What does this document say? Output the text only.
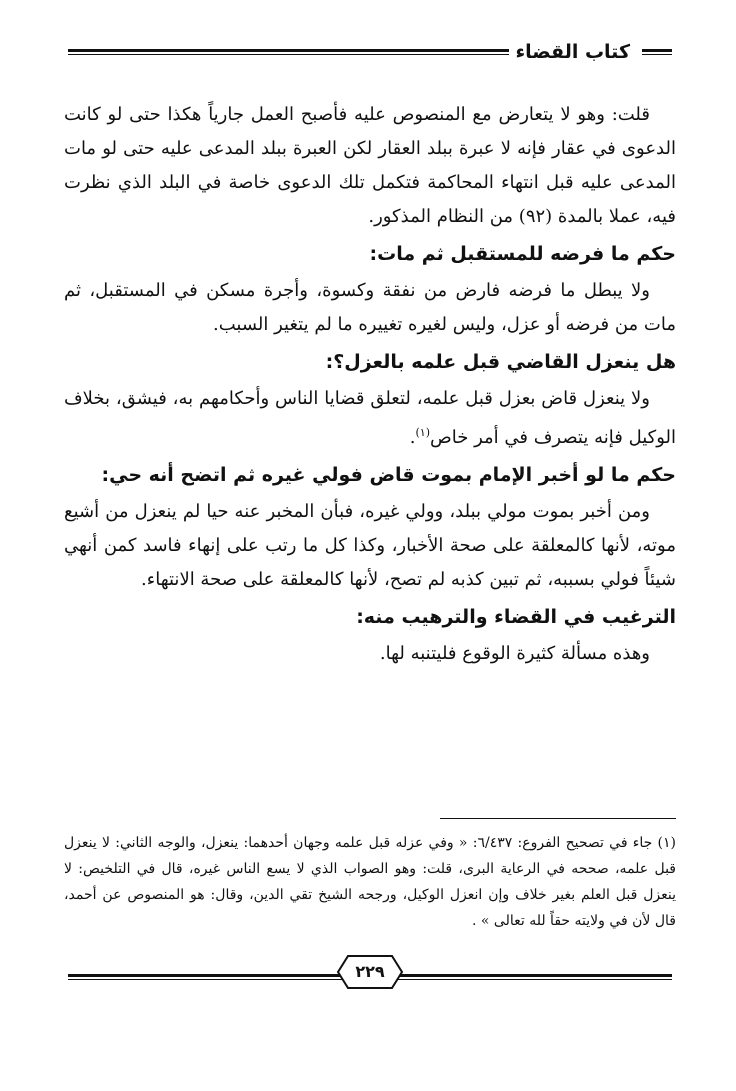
كتاب القضاء

قلت: وهو لا يتعارض مع المنصوص عليه فأصبح العمل جارياً هكذا حتى لو كانت الدعوى في عقار فإنه لا عبرة ببلد العقار لكن العبرة ببلد المدعى عليه حتى لو مات المدعى عليه قبل انتهاء المحاكمة فتكمل تلك الدعوى خاصة في البلد الذي نظرت فيه، عملا بالمدة (٩٢) من النظام المذكور.

حكم ما فرضه للمستقبل ثم مات:

ولا يبطل ما فرضه فارض من نفقة وكسوة، وأجرة مسكن في المستقبل، ثم مات من فرضه أو عزل، وليس لغيره تغييره ما لم يتغير السبب.

هل ينعزل القاضي قبل علمه بالعزل؟:

ولا ينعزل قاض بعزل قبل علمه، لتعلق قضايا الناس وأحكامهم به، فيشق، بخلاف الوكيل فإنه يتصرف في أمر خاص$^{(١)}$.

حكم ما لو أخبر الإمام بموت قاض فولي غيره ثم اتضح أنه حي:

ومن أخبر بموت مولي ببلد، وولي غيره، فبأن المخبر عنه حيا لم ينعزل من أشيع موته، لأنها كالمعلقة على صحة الأخبار، وكذا كل ما رتب على إنهاء فاسد كمن أنهي شيئاً فولي بسببه، ثم تبين كذبه لم تصح، لأنها كالمعلقة على صحة الانتهاء.

الترغيب في القضاء والترهيب منه:

وهذه مسألة كثيرة الوقوع فليتنبه لها.

(١) جاء في تصحيح الفروع: ٦/٤٣٧: « وفي عزله قبل علمه وجهان أحدهما: ينعزل، والوجه الثاني: لا ينعزل قبل علمه، صححه في الرعاية البرى، قلت: وهو الصواب الذي لا يسع الناس غيره، قال في التلخيص: لا ينعزل قبل العلم بغير خلاف وإن انعزل الوكيل، ورجحه الشيخ تقي الدين، وقال: هو المنصوص عن أحمد، قال لأن في ولايته حقاً لله تعالى » .
٢٢٩
